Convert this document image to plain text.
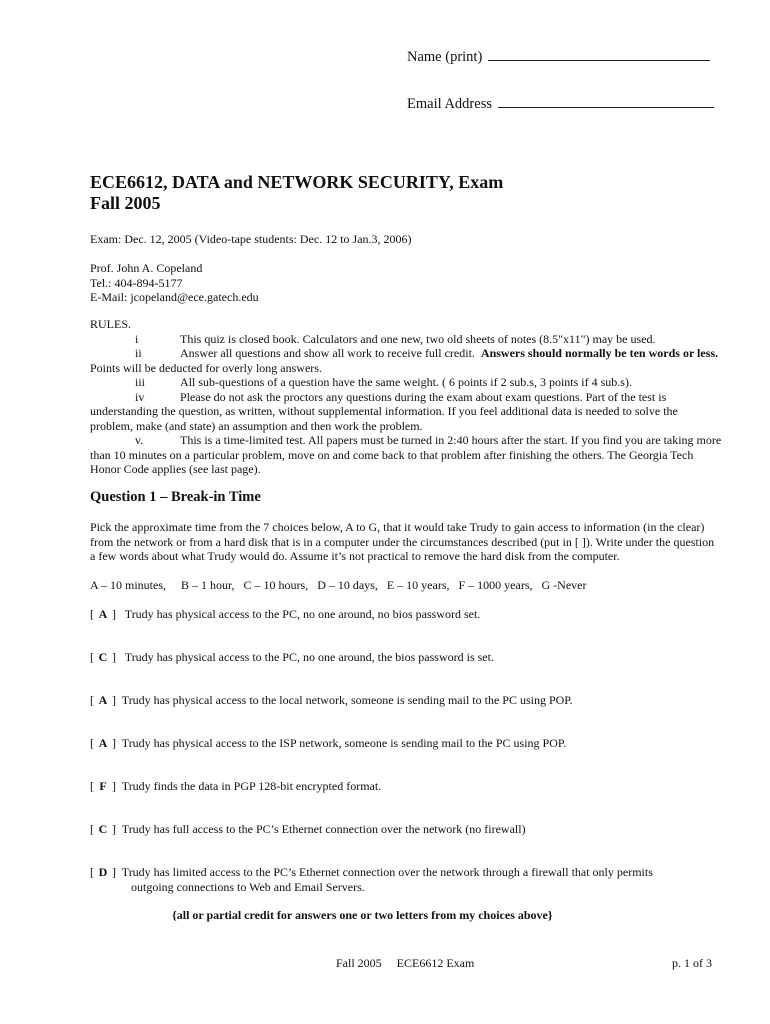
Name (print)
Email Address
ECE6612, DATA and NETWORK SECURITY, Exam
Fall 2005
Exam: Dec. 12, 2005 (Video-tape students: Dec. 12 to Jan.3, 2006)
Prof. John A. Copeland
Tel.: 404-894-5177
E-Mail: jcopeland@ece.gatech.edu
RULES.
i	This quiz is closed book. Calculators and one new, two old sheets of notes (8.5"x11") may be used.
ii	Answer all questions and show all work to receive full credit. Answers should normally be ten words or less. Points will be deducted for overly long answers.
iii	All sub-questions of a question have the same weight. ( 6 points if 2 sub.s, 3 points if 4 sub.s).
iv	Please do not ask the proctors any questions during the exam about exam questions. Part of the test is understanding the question, as written, without supplemental information. If you feel additional data is needed to solve the problem, make (and state) an assumption and then work the problem.
v.	This is a time-limited test. All papers must be turned in 2:40 hours after the start. If you find you are taking more than 10 minutes on a particular problem, move on and come back to that problem after finishing the others. The Georgia Tech Honor Code applies (see last page).
Question 1 – Break-in Time
Pick the approximate time from the 7 choices below, A to G, that it would take Trudy to gain access to information (in the clear) from the network or from a hard disk that is in a computer under the circumstances described (put in [ ]). Write under the question a few words about what Trudy would do. Assume it’s not practical to remove the hard disk from the computer.
A – 10 minutes,     B – 1 hour,   C – 10 hours,   D – 10 days,   E – 10 years,   F – 1000 years,   G -Never
[ A ]   Trudy has physical access to the PC, no one around, no bios password set.
[ C ]   Trudy has physical access to the PC, no one around, the bios password is set.
[ A ]  Trudy has physical access to the local network, someone is sending mail to the PC using POP.
[ A ]  Trudy has physical access to the ISP network, someone is sending mail to the PC using POP.
[ F ]  Trudy finds the data in PGP 128-bit encrypted format.
[ C ]  Trudy has full access to the PC’s Ethernet connection over the network (no firewall)
[ D ]  Trudy has limited access to the PC’s Ethernet connection over the network through a firewall that only permits
outgoing connections to Web and Email Servers.
{all or partial credit for answers one or two letters from my choices above}
Fall 2005     ECE6612 Exam	p. 1 of 3
